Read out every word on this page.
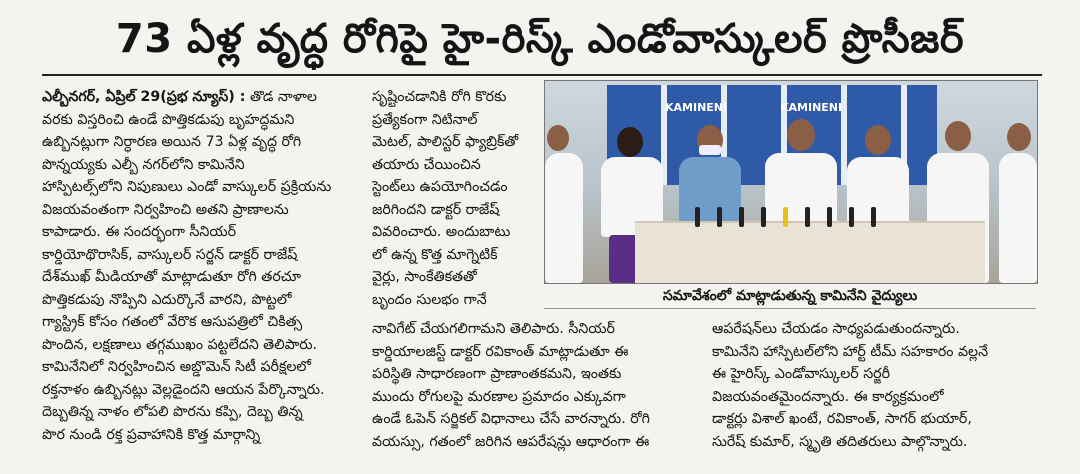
73 ఏళ్ల వృద్ధ రోగిపై హై-రిస్క్ ఎండోవాస్కులర్ ప్రొసీజర్
ఎల్బీనగర్, ఏప్రిల్ 29(ప్రభ న్యూస్) : తొడ నాళాల
వరకు విస్తరించి ఉండే పొత్తికడుపు బృహద్ధమని
ఉబ్బినట్లుగా నిర్ధారణ అయిన 73 ఏళ్ల వృద్ధ రోగి
పొన్నయ్యకు ఎల్బీ నగర్‌లోని కామినేని
హాస్పిటల్స్‌లోని నిపుణులు ఎండో వాస్కులర్ ప్రక్రియను
విజయవంతంగా నిర్వహించి అతని ప్రాణాలను
కాపాడారు. ఈ సందర్భంగా సీనియర్
కార్డియోథొరాసిక్, వాస్కులర్ సర్జన్ డాక్టర్ రాజేష్
దేశ్‌ముఖ్ మీడియాతో మాట్లాడుతూ రోగి తరచూ
పొత్తికడుపు నొప్పిని ఎదుర్కొనే వారని, పొట్టలో
గ్యాస్ట్రిక్ కోసం గతంలో వేరొక ఆసుపత్రిలో చికిత్స
పొందిన, లక్షణాలు తగ్గముఖం పట్టలేదని తెలిపారు.
కామినేనిలో నిర్వహించిన అబ్డొమెన్ సిటీ పరీక్షలలో
రక్తనాళం ఉబ్బినట్లు వెల్లడైందని ఆయన పేర్కొన్నారు.
దెబ్బతిన్న నాళం లోపలి పొరను కప్పి, దెబ్బ తిన్న
పొర నుండి రక్త ప్రవాహానికి కొత్త మార్గాన్ని
సృష్టించడానికి రోగి కొరకు
ప్రత్యేకంగా నిటినాల్
మెటల్, పాలిస్టర్ ఫ్యాబ్రిక్‌తో
తయారు చేయించిన
స్టెంట్‌లు ఉపయోగించడం
జరిగిందని డాక్టర్ రాజేష్
వివరించారు. అందుబాటు
లో ఉన్న కొత్త మాగ్నెటిక్
వైర్లు, సాంకేతికతతో
బృందం సులభం గానే
KAMINENI	KAMINENI
సమావేశంలో మాట్లాడుతున్న కామినేని వైద్యులు
నావిగేట్ చేయగలిగామని తెలిపారు. సీనియర్
కార్డియాలజిస్ట్ డాక్టర్ రవికాంత్ మాట్లాడుతూ ఈ
పరిస్థితి సాధారణంగా ప్రాణాంతకమని, ఇంతకు
ముందు రోగులపై మరణాల ప్రమాదం ఎక్కువగా
ఉండే ఓపెన్ సర్జికల్ విధానాలు చేసే వారన్నారు. రోగి
వయస్సు, గతంలో జరిగిన ఆపరేషన్లు ఆధారంగా ఈ
ఆపరేషన్‌లు చేయడం సాధ్యపడుతుందన్నారు.
కామినేని హాస్పిటల్‌లోని హార్ట్ టీమ్ సహకారం వల్లనే
ఈ హైరిస్క్ ఎండోవాస్కులర్ సర్జరీ
విజయవంతమైందన్నారు. ఈ కార్యక్రమంలో
డాక్టర్లు విశాల్ ఖంటే, రవికాంత్, సాగర్ భుయార్,
సురేష్ కుమార్, స్మృతి తదితరులు పాల్గొన్నారు.
